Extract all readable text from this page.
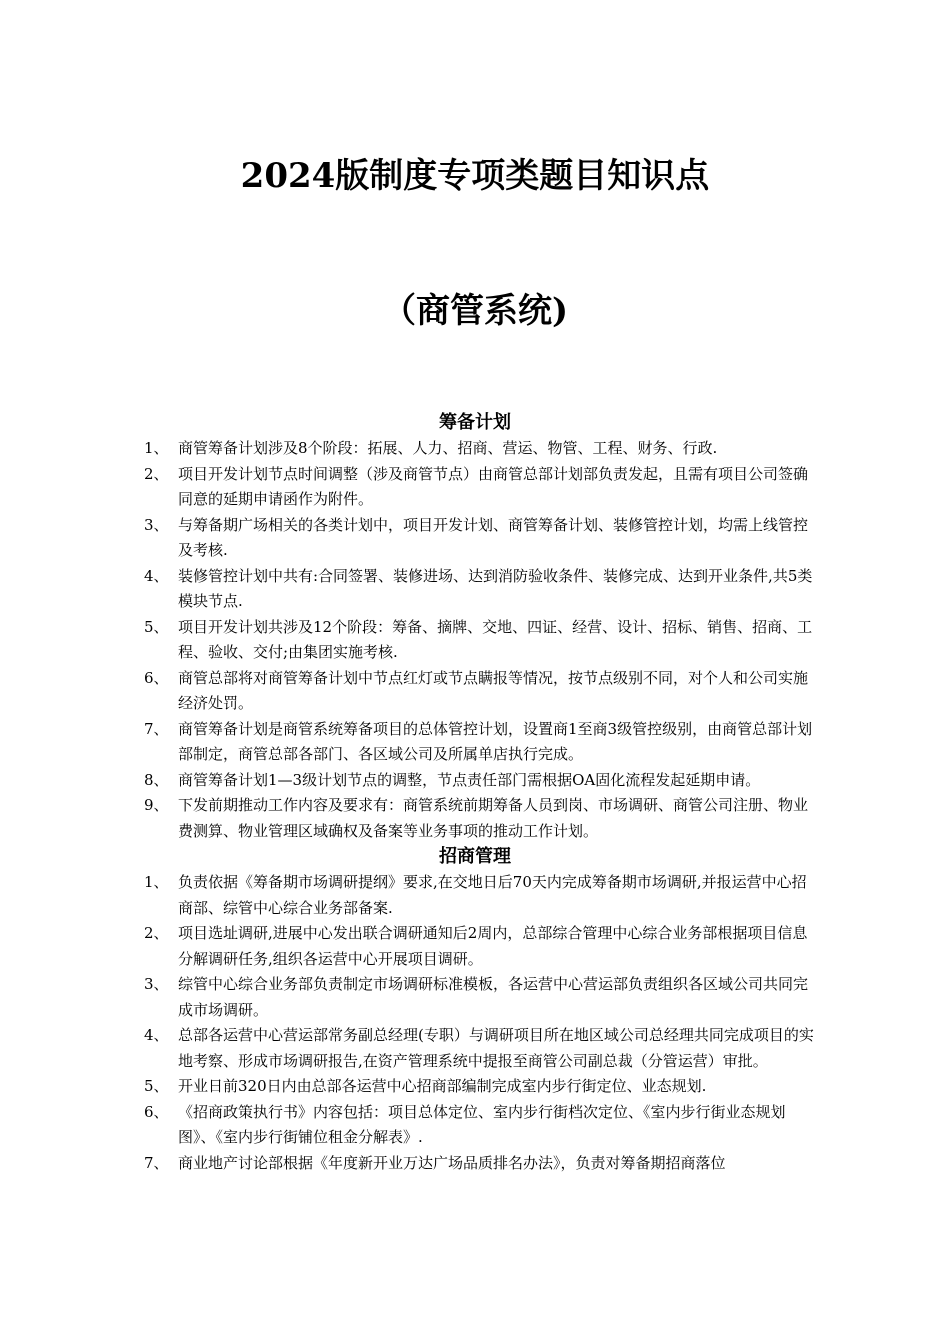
2024版制度专项类题目知识点
（商管系统)
筹备计划
1、 商管筹备计划涉及8个阶段：拓展、人力、招商、营运、物管、工程、财务、行政.
2、 项目开发计划节点时间调整（涉及商管节点）由商管总部计划部负责发起，且需有项目公司签确同意的延期申请函作为附件。
3、 与筹备期广场相关的各类计划中，项目开发计划、商管筹备计划、装修管控计划，均需上线管控及考核.
4、 装修管控计划中共有:合同签署、装修进场、达到消防验收条件、装修完成、达到开业条件,共5类模块节点.
5、 项目开发计划共涉及12个阶段：筹备、摘牌、交地、四证、经营、设计、招标、销售、招商、工程、验收、交付;由集团实施考核.
6、 商管总部将对商管筹备计划中节点红灯或节点瞒报等情况，按节点级别不同，对个人和公司实施经济处罚。
7、 商管筹备计划是商管系统筹备项目的总体管控计划，设置商1至商3级管控级别，由商管总部计划部制定，商管总部各部门、各区域公司及所属单店执行完成。
8、 商管筹备计划1—3级计划节点的调整，节点责任部门需根据OA固化流程发起延期申请。
9、 下发前期推动工作内容及要求有：商管系统前期筹备人员到岗、市场调研、商管公司注册、物业费测算、物业管理区域确权及备案等业务事项的推动工作计划。
招商管理
1、 负责依据《筹备期市场调研提纲》要求,在交地日后70天内完成筹备期市场调研,并报运营中心招商部、综管中心综合业务部备案.
2、 项目选址调研,进展中心发出联合调研通知后2周内，总部综合管理中心综合业务部根据项目信息分解调研任务,组织各运营中心开展项目调研。
3、 综管中心综合业务部负责制定市场调研标准模板，各运营中心营运部负责组织各区域公司共同完成市场调研。
4、 总部各运营中心营运部常务副总经理(专职）与调研项目所在地区域公司总经理共同完成项目的实地考察、形成市场调研报告,在资产管理系统中提报至商管公司副总裁（分管运营）审批。
5、 开业日前320日内由总部各运营中心招商部编制完成室内步行街定位、业态规划.
6、 《招商政策执行书》内容包括：项目总体定位、室内步行街档次定位、《室内步行街业态规划图》、《室内步行街铺位租金分解表》.
7、 商业地产讨论部根据《年度新开业万达广场品质排名办法》，负责对筹备期招商落位
